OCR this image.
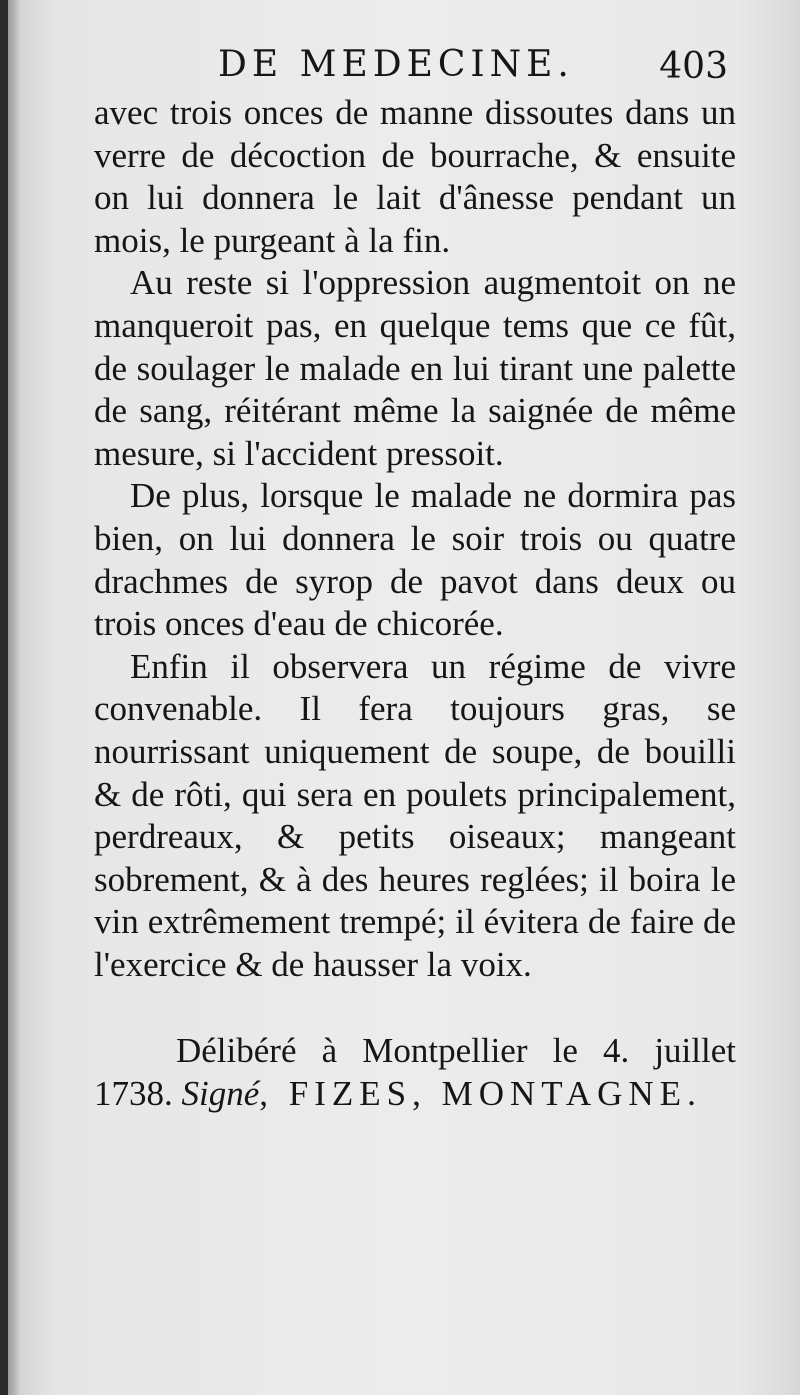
DE MEDECINE. 403

avec trois onces de manne dissoutes dans un verre de décoction de bourrache, & ensuite on lui donnera le lait d'ânesse pendant un mois, le purgeant à la fin.

Au reste si l'oppression augmentoit on ne manqueroit pas, en quelque tems que ce fût, de soulager le malade en lui tirant une palette de sang, réitérant même la saignée de même mesure, si l'accident pressoit.

De plus, lorsque le malade ne dormira pas bien, on lui donnera le soir trois ou quatre drachmes de syrop de pavot dans deux ou trois onces d'eau de chicorée.

Enfin il observera un régime de vivre convenable. Il fera toujours gras, se nourrissant uniquement de soupe, de bouilli & de rôti, qui sera en poulets principalement, perdreaux, & petits oiseaux; mangeant sobrement, & à des heures reglées; il boira le vin extrêmement trempé; il évitera de faire de l'exercice & de hausser la voix.

Délibéré à Montpellier le 4. juillet 1738. Signé, FIZES, MONTAGNE.
